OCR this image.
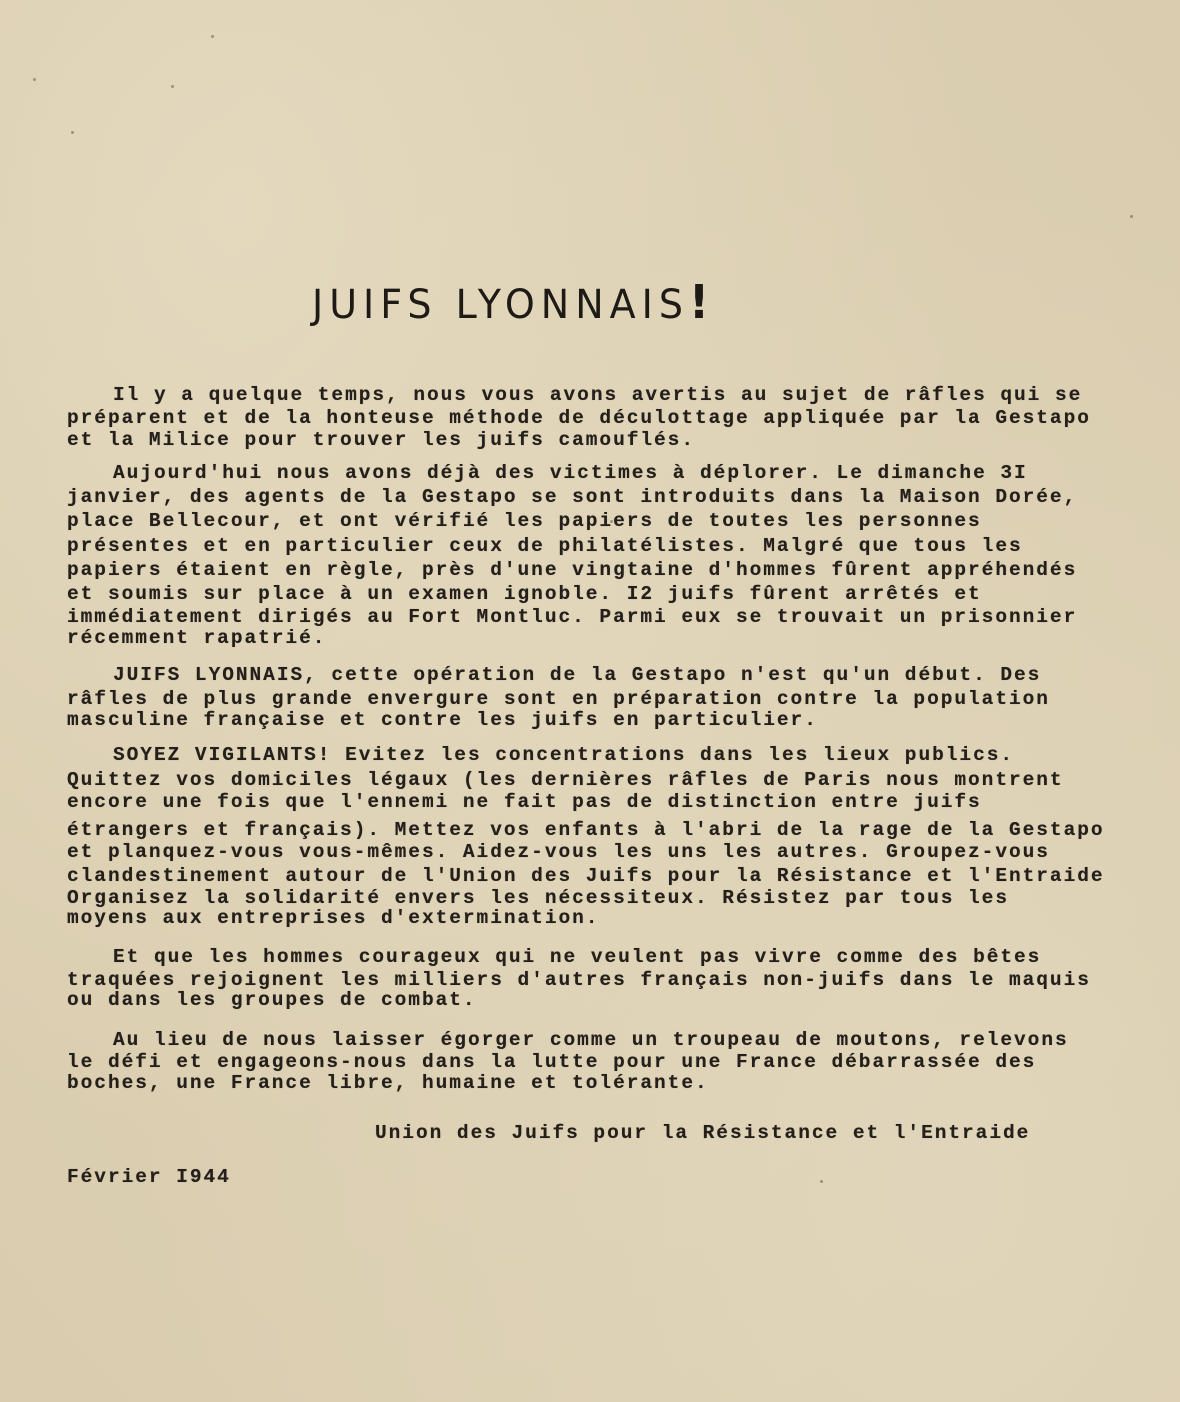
JUIFS LYONNAIS!
Il y a quelque temps, nous vous avons avertis au sujet de râfles qui se
préparent et de la honteuse méthode de déculottage appliquée par la Gestapo
et la Milice pour trouver les juifs camouflés.
Aujourd'hui nous avons déjà des victimes à déplorer. Le dimanche 3I
janvier, des agents de la Gestapo se sont introduits dans la Maison Dorée,
place Bellecour, et ont vérifié les papiers de toutes les personnes
présentes et en particulier ceux de philatélistes. Malgré que tous les
papiers étaient en règle, près d'une vingtaine d'hommes fûrent appréhendés
et soumis sur place à un examen ignoble. I2 juifs fûrent arrêtés et
immédiatement dirigés au Fort Montluc. Parmi eux se trouvait un prisonnier
récemment rapatrié.
JUIFS LYONNAIS, cette opération de la Gestapo n'est qu'un début. Des
râfles de plus grande envergure sont en préparation contre la population
masculine française et contre les juifs en particulier.
SOYEZ VIGILANTS! Evitez les concentrations dans les lieux publics.
Quittez vos domiciles légaux (les dernières râfles de Paris nous montrent
encore une fois que l'ennemi ne fait pas de distinction entre juifs
étrangers et français). Mettez vos enfants à l'abri de la rage de la Gestapo
et planquez-vous vous-mêmes. Aidez-vous les uns les autres. Groupez-vous
clandestinement autour de l'Union des Juifs pour la Résistance et l'Entraide
Organisez la solidarité envers les nécessiteux. Résistez par tous les
moyens aux entreprises d'extermination.
Et que les hommes courageux qui ne veulent pas vivre comme des bêtes
traquées rejoignent les milliers d'autres français non-juifs dans le maquis
ou dans les groupes de combat.
Au lieu de nous laisser égorger comme un troupeau de moutons, relevons
le défi et engageons-nous dans la lutte pour une France débarrassée des
boches, une France libre, humaine et tolérante.
Union des Juifs pour la Résistance et l'Entraide
Février I944
